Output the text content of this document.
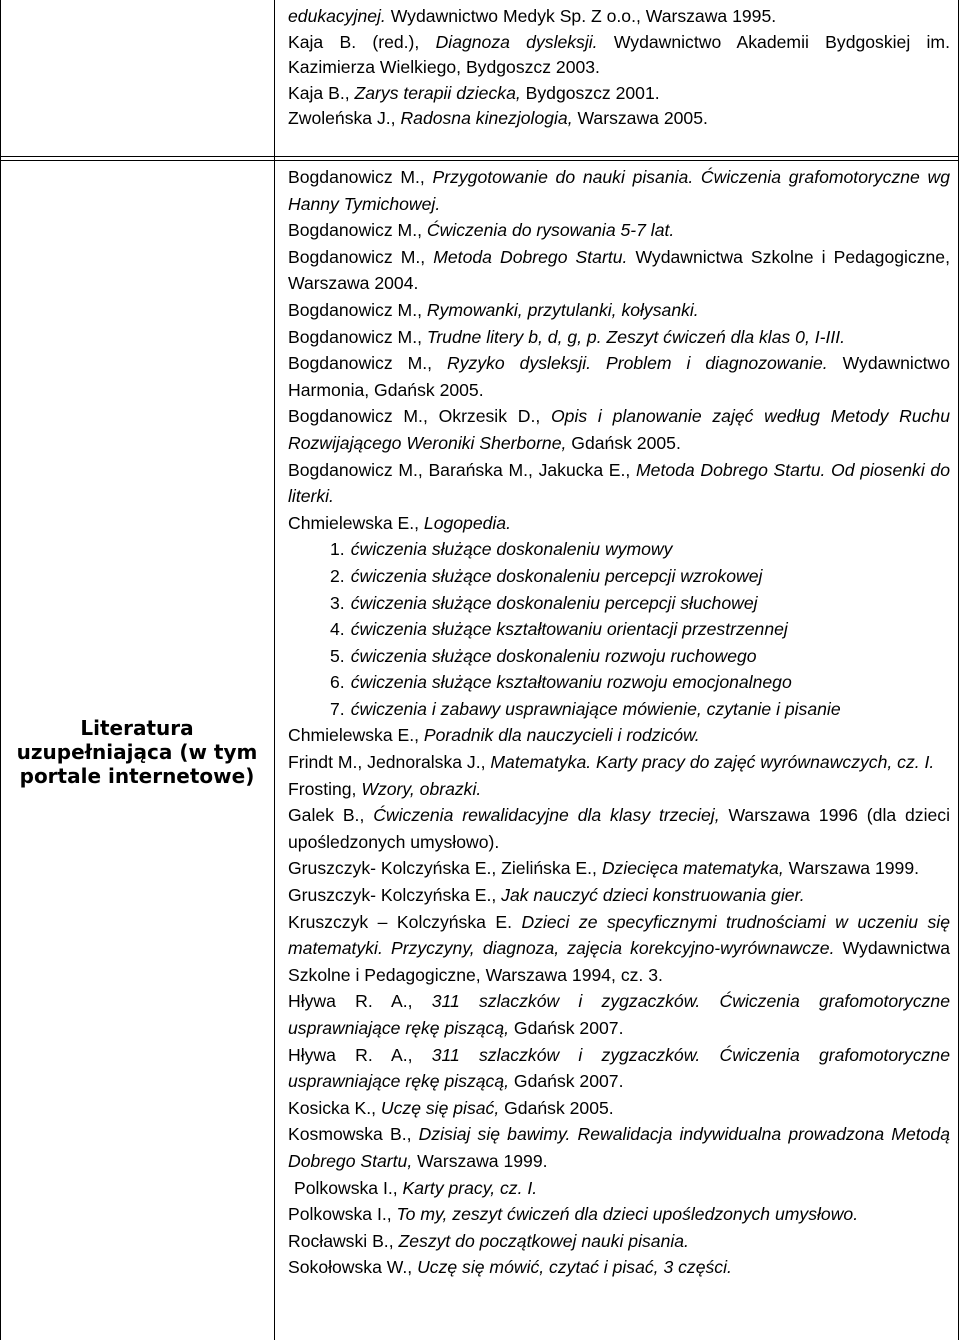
Literatura
uzupełniająca (w tym
portale internetowe)

edukacyjnej. Wydawnictwo Medyk Sp. Z o.o., Warszawa 1995.

Kaja B. (red.), Diagnoza dysleksji. Wydawnictwo Akademii Bydgoskiej im. Kazimierza Wielkiego, Bydgoszcz 2003.

Kaja B., Zarys terapii dziecka, Bydgoszcz 2001.

Zwoleńska J., Radosna kinezjologia, Warszawa 2005.

Bogdanowicz M., Przygotowanie do nauki pisania. Ćwiczenia grafomotoryczne wg Hanny Tymichowej.

Bogdanowicz M., Ćwiczenia do rysowania 5-7 lat.

Bogdanowicz M., Metoda Dobrego Startu. Wydawnictwa Szkolne i Pedagogiczne, Warszawa 2004.

Bogdanowicz M., Rymowanki, przytulanki, kołysanki.

Bogdanowicz M., Trudne litery b, d, g, p. Zeszyt ćwiczeń dla klas 0, I-III.

Bogdanowicz M., Ryzyko dysleksji. Problem i diagnozowanie. Wydawnictwo Harmonia, Gdańsk 2005.

Bogdanowicz M., Okrzesik D., Opis i planowanie zajęć według Metody Ruchu Rozwijającego Weroniki Sherborne, Gdańsk 2005.

Bogdanowicz M., Barańska M., Jakucka E., Metoda Dobrego Startu. Od piosenki do literki.

Chmielewska E., Logopedia.

1. ćwiczenia służące doskonaleniu wymowy

2. ćwiczenia służące doskonaleniu percepcji wzrokowej

3. ćwiczenia służące doskonaleniu percepcji słuchowej

4. ćwiczenia służące kształtowaniu orientacji przestrzennej

5. ćwiczenia służące doskonaleniu rozwoju ruchowego

6. ćwiczenia służące kształtowaniu rozwoju emocjonalnego

7. ćwiczenia i zabawy usprawniające mówienie, czytanie i pisanie

Chmielewska E., Poradnik dla nauczycieli i rodziców.

Frindt M., Jednoralska J., Matematyka. Karty pracy do zajęć wyrównawczych, cz. I.

Frosting, Wzory, obrazki.

Galek B., Ćwiczenia rewalidacyjne dla klasy trzeciej, Warszawa 1996 (dla dzieci upośledzonych umysłowo).

Gruszczyk- Kolczyńska E., Zielińska E., Dziecięca matematyka, Warszawa 1999.

Gruszczyk- Kolczyńska E., Jak nauczyć dzieci konstruowania gier.

Kruszczyk – Kolczyńska E. Dzieci ze specyficznymi trudnościami w uczeniu się matematyki. Przyczyny, diagnoza, zajęcia korekcyjno-wyrównawcze. Wydawnictwa Szkolne i Pedagogiczne, Warszawa 1994, cz. 3.

Hływa R. A., 311 szlaczków i zygzaczków. Ćwiczenia grafomotoryczne usprawniające rękę piszącą, Gdańsk 2007.

Hływa R. A., 311 szlaczków i zygzaczków. Ćwiczenia grafomotoryczne usprawniające rękę piszącą, Gdańsk 2007.

Kosicka K., Uczę się pisać, Gdańsk 2005.

Kosmowska B., Dzisiaj się bawimy. Rewalidacja indywidualna prowadzona Metodą Dobrego Startu, Warszawa 1999.

Polkowska I., Karty pracy, cz. I.

Polkowska I., To my, zeszyt ćwiczeń dla dzieci upośledzonych umysłowo.

Rocławski B., Zeszyt do początkowej nauki pisania.

Sokołowska W., Uczę się mówić, czytać i pisać, 3 części.
